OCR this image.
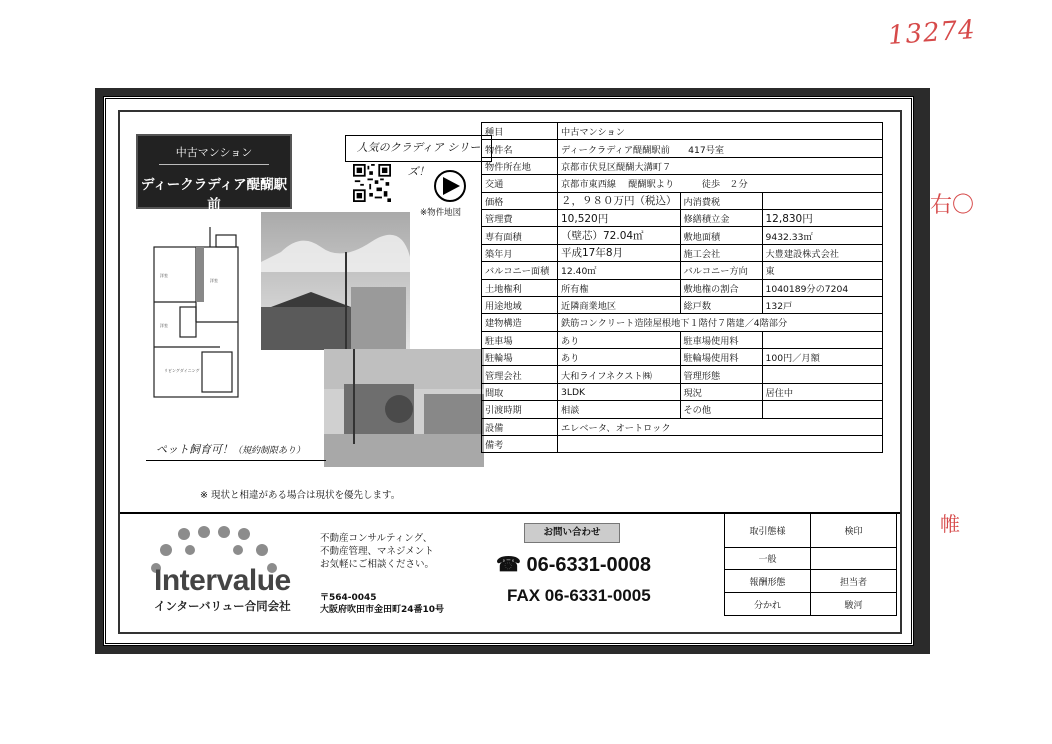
13274
右〇
帷
中古マンション
ディークラディア醍醐駅前
人気のクラディア シリーズ！
※物件地図
洋室
洋室
洋室
リビングダイニング
ペット飼育可！（規約制限あり）
※ 現状と相違がある場合は現状を優先します。
種目	中古マンション		
物件名	ディークラディア醍醐駅前　　417号室		
物件所在地	京都市伏見区醍醐大溝町７		
交通	京都市東西線　 醍醐駅より　　　徒歩　２分		
価格	２，９８０万円（税込）	内消費税	
管理費	10,520円	修繕積立金	12,830円
専有面積	（壁芯）72.04㎡	敷地面積	9432.33㎡
築年月	平成17年8月	施工会社	大豊建設株式会社
バルコニー面積	12.40㎡	バルコニー方向	東
土地権利	所有権	敷地権の割合	1040189分の7204
用途地域	近隣商業地区	総戸数	132戸
建物構造	鉄筋コンクリート造陸屋根地下１階付７階建／4階部分		
駐車場	あり	駐車場使用料	
駐輪場	あり	駐輪場使用料	100円／月額
管理会社	大和ライフネクスト㈱	管理形態	
間取	3LDK	現況	居住中
引渡時期	相談	その他	
設備	エレベータ、オートロック		
備考			
Intervalue
インターバリュー合同会社
不動産コンサルティング、
不動産管理、マネジメント
お気軽にご相談ください。
〒564-0045
大阪府吹田市金田町24番10号
お問い合わせ
☎ 06-6331-0008
FAX 06-6331-0005
取引態様	検印
一般	
報酬形態	担当者
分かれ	駿河
